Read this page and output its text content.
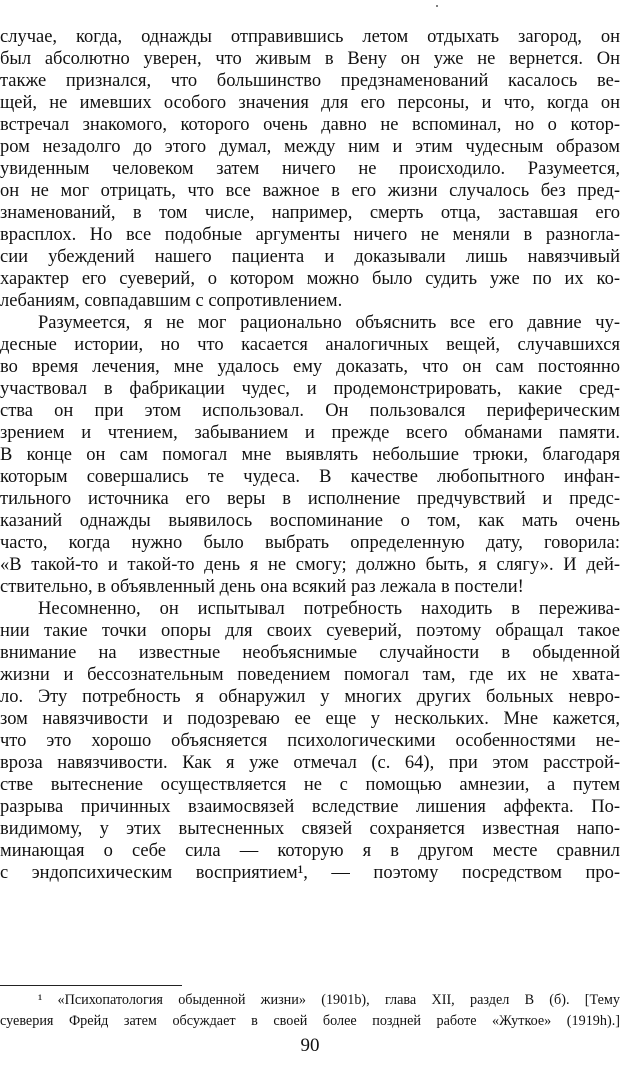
случае, когда, однажды отправившись летом отдыхать загород, он
был абсолютно уверен, что живым в Вену он уже не вернется. Он
также признался, что большинство предзнаменований касалось ве-
щей, не имевших особого значения для его персоны, и что, когда он
встречал знакомого, которого очень давно не вспоминал, но о котор-
ром незадолго до этого думал, между ним и этим чудесным образом
увиденным человеком затем ничего не происходило. Разумеется,
он не мог отрицать, что все важное в его жизни случалось без пред-
знаменований, в том числе, например, смерть отца, заставшая его
врасплох. Но все подобные аргументы ничего не меняли в разногла-
сии убеждений нашего пациента и доказывали лишь навязчивый
характер его суеверий, о котором можно было судить уже по их ко-
лебаниям, совпадавшим с сопротивлением.
Разумеется, я не мог рационально объяснить все его давние чу-
десные истории, но что касается аналогичных вещей, случавшихся
во время лечения, мне удалось ему доказать, что он сам постоянно
участвовал в фабрикации чудес, и продемонстрировать, какие сред-
ства он при этом использовал. Он пользовался периферическим
зрением и чтением, забыванием и прежде всего обманами памяти.
В конце он сам помогал мне выявлять небольшие трюки, благодаря
которым совершались те чудеса. В качестве любопытного инфан-
тильного источника его веры в исполнение предчувствий и предс-
казаний однажды выявилось воспоминание о том, как мать очень
часто, когда нужно было выбрать определенную дату, говорила:
«В такой-то и такой-то день я не смогу; должно быть, я слягу». И дей-
ствительно, в объявленный день она всякий раз лежала в постели!
Несомненно, он испытывал потребность находить в пережива-
нии такие точки опоры для своих суеверий, поэтому обращал такое
внимание на известные необъяснимые случайности в обыденной
жизни и бессознательным поведением помогал там, где их не хвата-
ло. Эту потребность я обнаружил у многих других больных невро-
зом навязчивости и подозреваю ее еще у нескольких. Мне кажется,
что это хорошо объясняется психологическими особенностями не-
вроза навязчивости. Как я уже отмечал (с. 64), при этом расстрой-
стве вытеснение осуществляется не с помощью амнезии, а путем
разрыва причинных взаимосвязей вследствие лишения аффекта. По-
видимому, у этих вытесненных связей сохраняется известная напо-
минающая о себе сила — которую я в другом месте сравнил
с эндопсихическим восприятием¹, — поэтому посредством про-
¹ «Психопатология обыденной жизни» (1901b), глава XII, раздел В (б). [Тему
суеверия Фрейд затем обсуждает в своей более поздней работе «Жуткое» (1919h).]
90
